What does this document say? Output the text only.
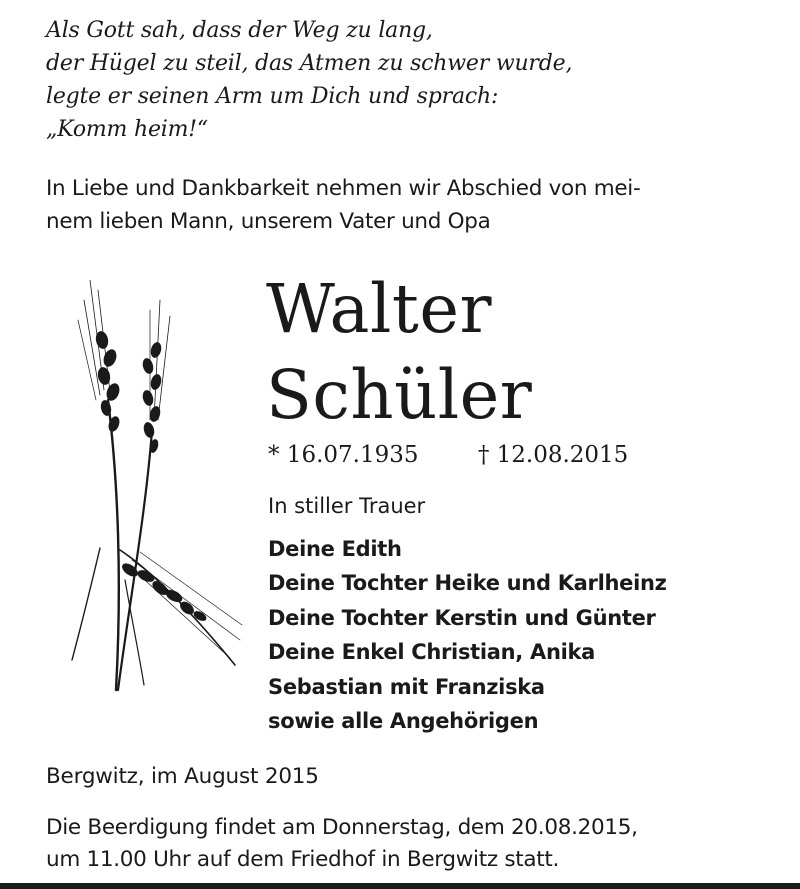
Als Gott sah, dass der Weg zu lang,
der Hügel zu steil, das Atmen zu schwer wurde,
legte er seinen Arm um Dich und sprach:
„Komm heim!“
In Liebe und Dankbarkeit nehmen wir Abschied von mei-
nem lieben Mann, unserem Vater und Opa
Walter
Schüler
* 16.07.1935	† 12.08.2015
In stiller Trauer
Deine Edith
Deine Tochter Heike und Karlheinz
Deine Tochter Kerstin und Günter
Deine Enkel Christian, Anika
Sebastian mit Franziska
sowie alle Angehörigen
Bergwitz, im August 2015
Die Beerdigung findet am Donnerstag, dem 20.08.2015,
um 11.00 Uhr auf dem Friedhof in Bergwitz statt.
